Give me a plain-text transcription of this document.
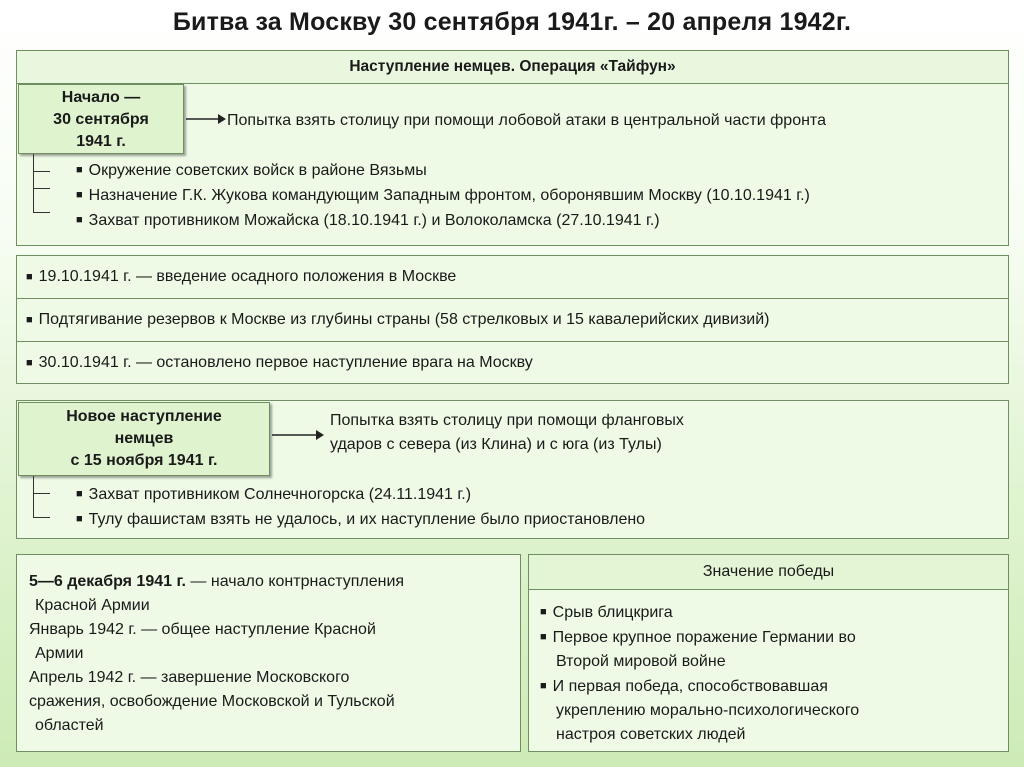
Битва за Москву 30 сентября 1941г. – 20 апреля 1942г.
Наступление немцев. Операция «Тайфун»
Начало —
30 сентября
1941 г.
Попытка взять столицу при помощи лобовой атаки в центральной части фронта
■ Окружение советских войск в районе Вязьмы
■ Назначение Г.К. Жукова командующим Западным фронтом, оборонявшим Москву (10.10.1941 г.)
■ Захват противником Можайска (18.10.1941 г.) и Волоколамска (27.10.1941 г.)
■ 19.10.1941 г. — введение осадного положения в Москве
■ Подтягивание резервов к Москве из глубины страны (58 стрелковых и 15 кавалерийских дивизий)
■ 30.10.1941 г. — остановлено первое наступление врага на Москву
Новое наступление
немцев
с 15 ноября 1941 г.
Попытка взять столицу при помощи фланговых
ударов с севера (из Клина) и с юга (из Тулы)
■ Захват противником Солнечногорска (24.11.1941 г.)
■ Тулу фашистам взять не удалось, и их наступление было приостановлено
5—6 декабря 1941 г. — начало контрнаступления
Красной Армии
Январь 1942 г. — общее наступление Красной
Армии
Апрель 1942 г. — завершение Московского
сражения, освобождение Московской и Тульской
областей
Значение победы
■ Срыв блицкрига
■ Первое крупное поражение Германии во
Второй мировой войне
■ И первая победа, способствовавшая
укреплению морально-психологического
настроя советских людей
